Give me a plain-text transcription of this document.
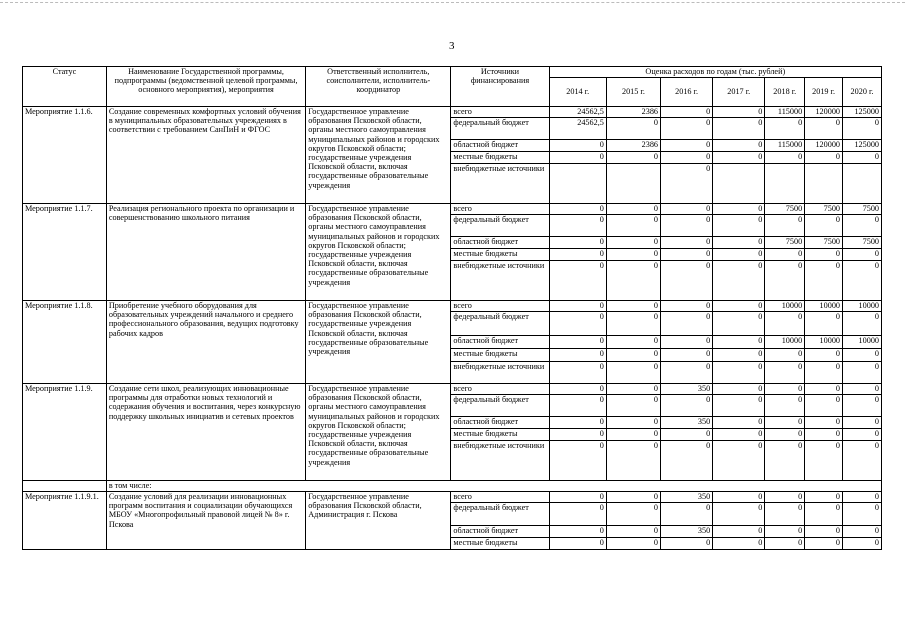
3
Статус	Наименование Государственной программы, подпрограммы (ведомственной целевой программы, основного мероприятия), мероприятия	Ответственный исполнитель, соисполнители, исполнитель-координатор	Источники финансирования	Оценка расходов по годам (тыс. рублей)						
				2014 г.	2015 г.	2016 г.	2017 г.	2018 г.	2019 г.	2020 г.
Мероприятие 1.1.6.	Создание современных комфортных условий обучения в муниципальных образовательных учреждениях в соответствии с требованием СанПиН и ФГОС	Государственное управление образования Псковской области, органы местного самоуправления муниципальных районов и городских округов Псковской области; государственные учреждения Псковской области, включая государственные образовательные учреждения	всего	24562,5	2386	0	0	115000	120000	125000
			федеральный бюджет	24562,5	0	0	0	0	0	0
			областной бюджет	0	2386	0	0	115000	120000	125000
			местные бюджеты	0	0	0	0	0	0	0
			внебюджетные источники			0				
Мероприятие 1.1.7.	Реализация регионального проекта по организации и совершенствованию школьного питания	Государственное управление образования Псковской области, органы местного самоуправления муниципальных районов и городских округов Псковской области; государственные учреждения Псковской области, включая государственные образовательные учреждения	всего	0	0	0	0	7500	7500	7500
			федеральный бюджет	0	0	0	0	0	0	0
			областной бюджет	0	0	0	0	7500	7500	7500
			местные бюджеты	0	0	0	0	0	0	0
			внебюджетные источники	0	0	0	0	0	0	0
Мероприятие 1.1.8.	Приобретение учебного оборудования для образовательных учреждений начального и среднего профессионального образования, ведущих подготовку рабочих кадров	Государственное управление образования Псковской области, государственные учреждения Псковской области, включая государственные образовательные учреждения	всего	0	0	0	0	10000	10000	10000
			федеральный бюджет	0	0	0	0	0	0	0
			областной бюджет	0	0	0	0	10000	10000	10000
			местные бюджеты	0	0	0	0	0	0	0
			внебюджетные источники	0	0	0	0	0	0	0
Мероприятие 1.1.9.	Создание сети школ, реализующих инновационные программы для отработки новых технологий и содержания обучения и воспитания, через конкурсную поддержку школьных инициатив и сетевых проектов	Государственное управление образования Псковской области, органы местного самоуправления муниципальных районов и городских округов Псковской области; государственные учреждения Псковской области, включая государственные образовательные учреждения	всего	0	0	350	0	0	0	0
			федеральный бюджет	0	0	0	0	0	0	0
			областной бюджет	0	0	350	0	0	0	0
			местные бюджеты	0	0	0	0	0	0	0
			внебюджетные источники	0	0	0	0	0	0	0
	в том числе:									
Мероприятие 1.1.9.1.	Создание условий для реализации инновационных программ воспитания и социализации обучающихся МБОУ «Многопрофильный правовой лицей № 8» г. Пскова	Государственное управление образования Псковской области, Администрация г. Пскова	всего	0	0	350	0	0	0	0
			федеральный бюджет	0	0	0	0	0	0	0
			областной бюджет	0	0	350	0	0	0	0
			местные бюджеты	0	0	0	0	0	0	0
